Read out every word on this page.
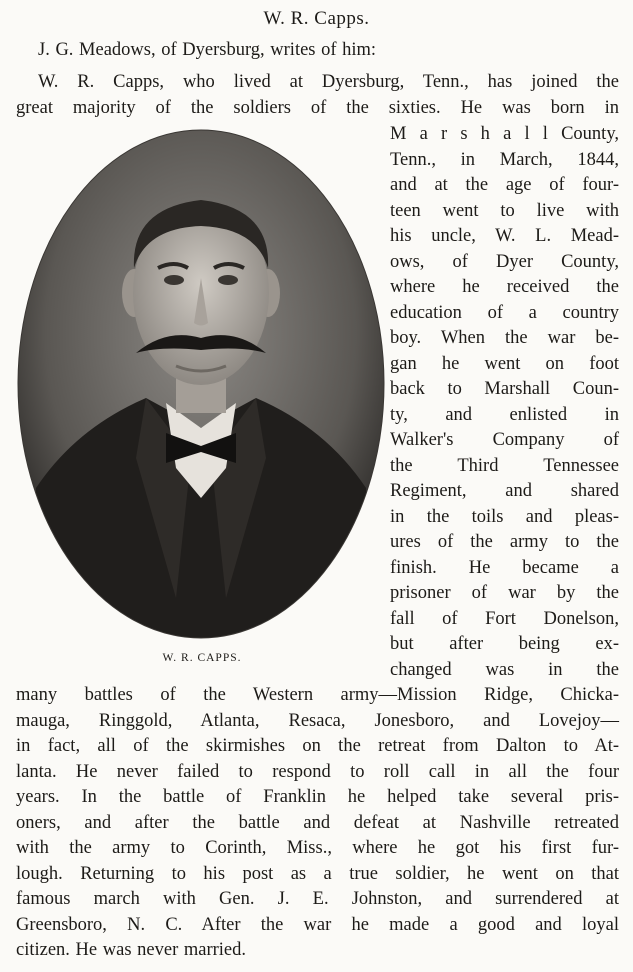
W. R. Capps.
J. G. Meadows, of Dyersburg, writes of him:
W. R. Capps, who lived at Dyersburg, Tenn., has joined the
great majority of the soldiers of the sixties. He was born in
W. R. CAPPS.
M a r s h a l l County,
Tenn., in March, 1844,
and at the age of four-
teen went to live with
his uncle, W. L. Mead-
ows, of Dyer County,
where he received the
education of a country
boy. When the war be-
gan he went on foot
back to Marshall Coun-
ty, and enlisted in
Walker's Company of
the Third Tennessee
Regiment, and shared
in the toils and pleas-
ures of the army to the
finish. He became a
prisoner of war by the
fall of Fort Donelson,
but after being ex-
changed was in the
many battles of the Western army—Mission Ridge, Chicka-
mauga, Ringgold, Atlanta, Resaca, Jonesboro, and Lovejoy—
in fact, all of the skirmishes on the retreat from Dalton to At-
lanta. He never failed to respond to roll call in all the four
years. In the battle of Franklin he helped take several pris-
oners, and after the battle and defeat at Nashville retreated
with the army to Corinth, Miss., where he got his first fur-
lough. Returning to his post as a true soldier, he went on that
famous march with Gen. J. E. Johnston, and surrendered at
Greensboro, N. C. After the war he made a good and loyal
citizen. He was never married.
